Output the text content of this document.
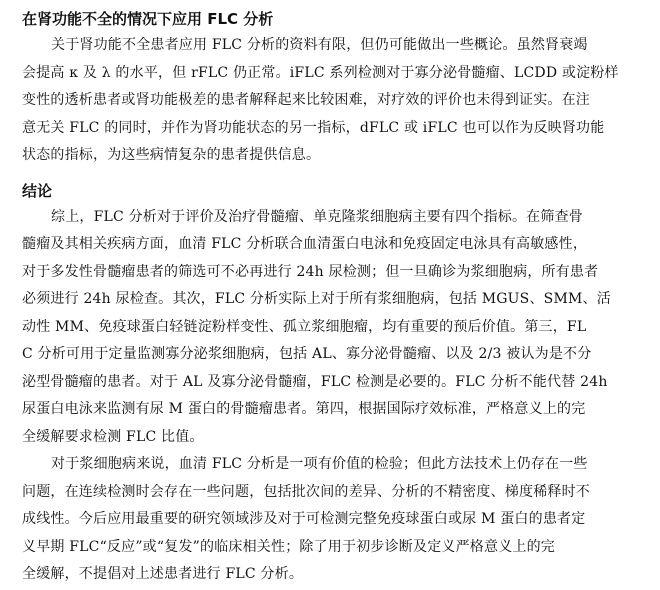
在肾功能不全的情况下应用 FLC 分析
关于肾功能不全患者应用 FLC 分析的资料有限，但仍可能做出一些概论。虽然肾衰竭
会提高 κ 及 λ 的水平，但 rFLC 仍正常。iFLC 系列检测对于寡分泌骨髓瘤、LCDD 或淀粉样
变性的透析患者或肾功能极差的患者解释起来比较困难，对疗效的评价也未得到证实。在注
意无关 FLC 的同时，并作为肾功能状态的另一指标，dFLC 或 iFLC 也可以作为反映肾功能
状态的指标，为这些病情复杂的患者提供信息。
结论
综上，FLC 分析对于评价及治疗骨髓瘤、单克隆浆细胞病主要有四个指标。在筛查骨
髓瘤及其相关疾病方面，血清 FLC 分析联合血清蛋白电泳和免疫固定电泳具有高敏感性，
对于多发性骨髓瘤患者的筛选可不必再进行 24h 尿检测；但一旦确诊为浆细胞病，所有患者
必须进行 24h 尿检查。其次，FLC 分析实际上对于所有浆细胞病，包括 MGUS、SMM、活
动性 MM、免疫球蛋白轻链淀粉样变性、孤立浆细胞瘤，均有重要的预后价值。第三，FL
C 分析可用于定量监测寡分泌浆细胞病，包括 AL、寡分泌骨髓瘤、以及 2/3 被认为是不分
泌型骨髓瘤的患者。对于 AL 及寡分泌骨髓瘤，FLC 检测是必要的。FLC 分析不能代替 24h
尿蛋白电泳来监测有尿 M 蛋白的骨髓瘤患者。第四，根据国际疗效标准，严格意义上的完
全缓解要求检测 FLC 比值。
对于浆细胞病来说，血清 FLC 分析是一项有价值的检验；但此方法技术上仍存在一些
问题，在连续检测时会存在一些问题，包括批次间的差异、分析的不精密度、梯度稀释时不
成线性。今后应用最重要的研究领域涉及对于可检测完整免疫球蛋白或尿 M 蛋白的患者定
义早期 FLC“反应”或“复发”的临床相关性；除了用于初步诊断及定义严格意义上的完
全缓解，不提倡对上述患者进行 FLC 分析。
